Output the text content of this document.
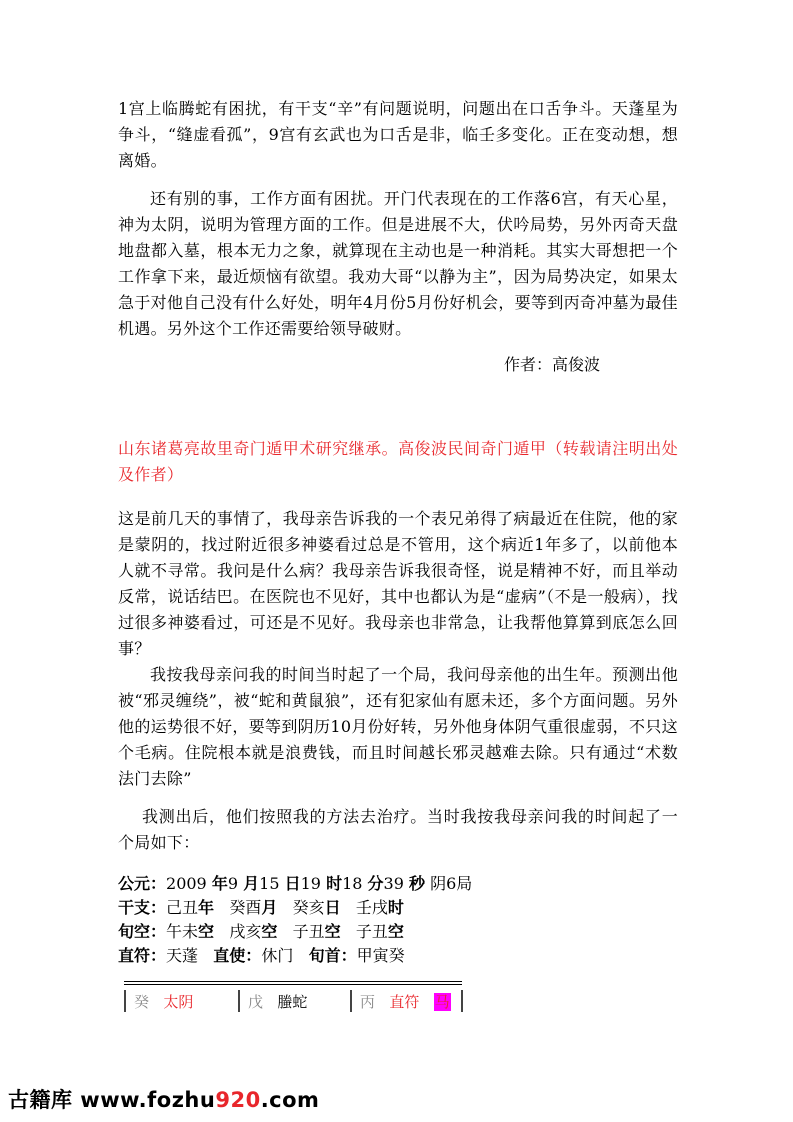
1宫上临腾蛇有困扰，有干支“辛”有问题说明，问题出在口舌争斗。天蓬星为争斗，“缝虚看孤”，9宫有玄武也为口舌是非，临壬多变化。正在变动想，想离婚。

还有别的事，工作方面有困扰。开门代表现在的工作落6宫，有天心星，神为太阴，说明为管理方面的工作。但是进展不大，伏吟局势，另外丙奇天盘地盘都入墓，根本无力之象，就算现在主动也是一种消耗。其实大哥想把一个工作拿下来，最近烦恼有欲望。我劝大哥“以静为主”，因为局势决定，如果太急于对他自己没有什么好处，明年4月份5月份好机会，要等到丙奇冲墓为最佳机遇。另外这个工作还需要给领导破财。

作者：高俊波

山东诸葛亮故里奇门遁甲术研究继承。高俊波民间奇门遁甲（转载请注明出处及作者）

这是前几天的事情了，我母亲告诉我的一个表兄弟得了病最近在住院，他的家是蒙阴的，找过附近很多神婆看过总是不管用，这个病近1年多了，以前他本人就不寻常。我问是什么病？我母亲告诉我很奇怪，说是精神不好，而且举动反常，说话结巴。在医院也不见好，其中也都认为是“虚病”（不是一般病），找过很多神婆看过，可还是不见好。我母亲也非常急，让我帮他算算到底怎么回事？

我按我母亲问我的时间当时起了一个局，我问母亲他的出生年。预测出他被“邪灵缠绕”，被“蛇和黄鼠狼”，还有犯家仙有愿未还，多个方面问题。另外他的运势很不好，要等到阴历10月份好转，另外他身体阴气重很虚弱，不只这个毛病。住院根本就是浪费钱，而且时间越长邪灵越难去除。只有通过“术数法门去除”

我测出后，他们按照我的方法去治疗。当时我按我母亲问我的时间起了一个局如下：

公元：2009 年9 月15 日19 时18 分39 秒 阴6局
干支：己丑年 癸酉月 癸亥日 壬戌时
旬空：午未空 戌亥空 子丑空 子丑空
直符：天蓬 直使：休门 旬首：甲寅癸
癸 太阴	戊 螣蛇	丙 直符 马
古籍库 www.fozhu920.com
